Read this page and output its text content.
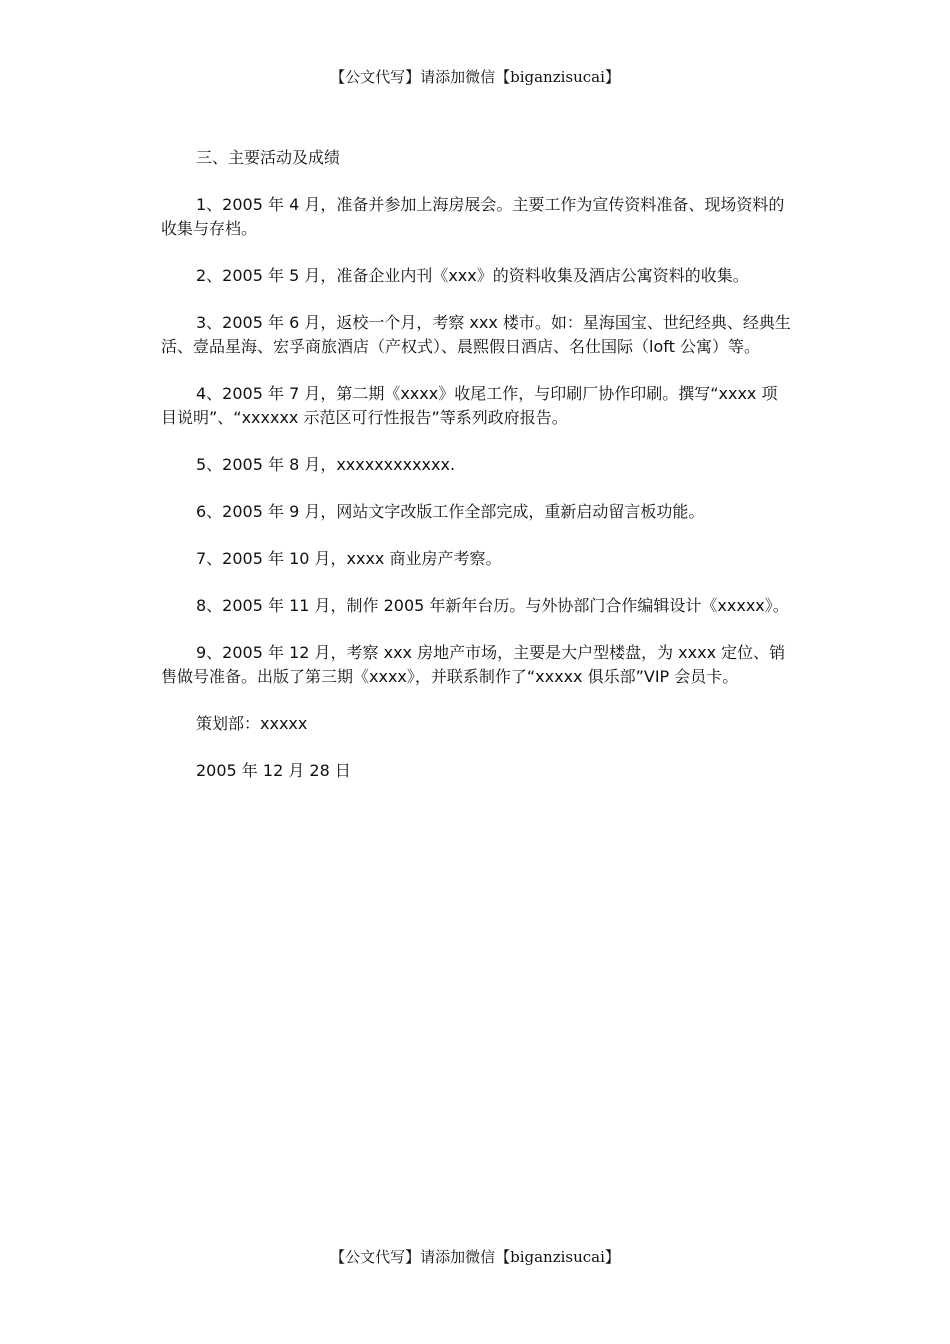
【公文代写】请添加微信【biganzisucai】

三、主要活动及成绩

1、2005 年 4 月，准备并参加上海房展会。主要工作为宣传资料准备、现场资料的收集与存档。

2、2005 年 5 月，准备企业内刊《xxx》的资料收集及酒店公寓资料的收集。

3、2005 年 6 月，返校一个月，考察 xxx 楼市。如：星海国宝、世纪经典、经典生活、壹品星海、宏孚商旅酒店（产权式）、晨熙假日酒店、名仕国际（loft 公寓）等。

4、2005 年 7 月，第二期《xxxx》收尾工作，与印刷厂协作印刷。撰写“xxxx 项目说明”、“xxxxxx 示范区可行性报告”等系列政府报告。

5、2005 年 8 月，xxxxxxxxxxxx.

6、2005 年 9 月，网站文字改版工作全部完成，重新启动留言板功能。

7、2005 年 10 月，xxxx 商业房产考察。

8、2005 年 11 月，制作 2005 年新年台历。与外协部门合作编辑设计《xxxxx》。

9、2005 年 12 月，考察 xxx 房地产市场，主要是大户型楼盘，为 xxxx 定位、销售做号准备。出版了第三期《xxxx》，并联系制作了“xxxxx 俱乐部”VIP 会员卡。

策划部：xxxxx

2005 年 12 月 28 日

【公文代写】请添加微信【biganzisucai】
